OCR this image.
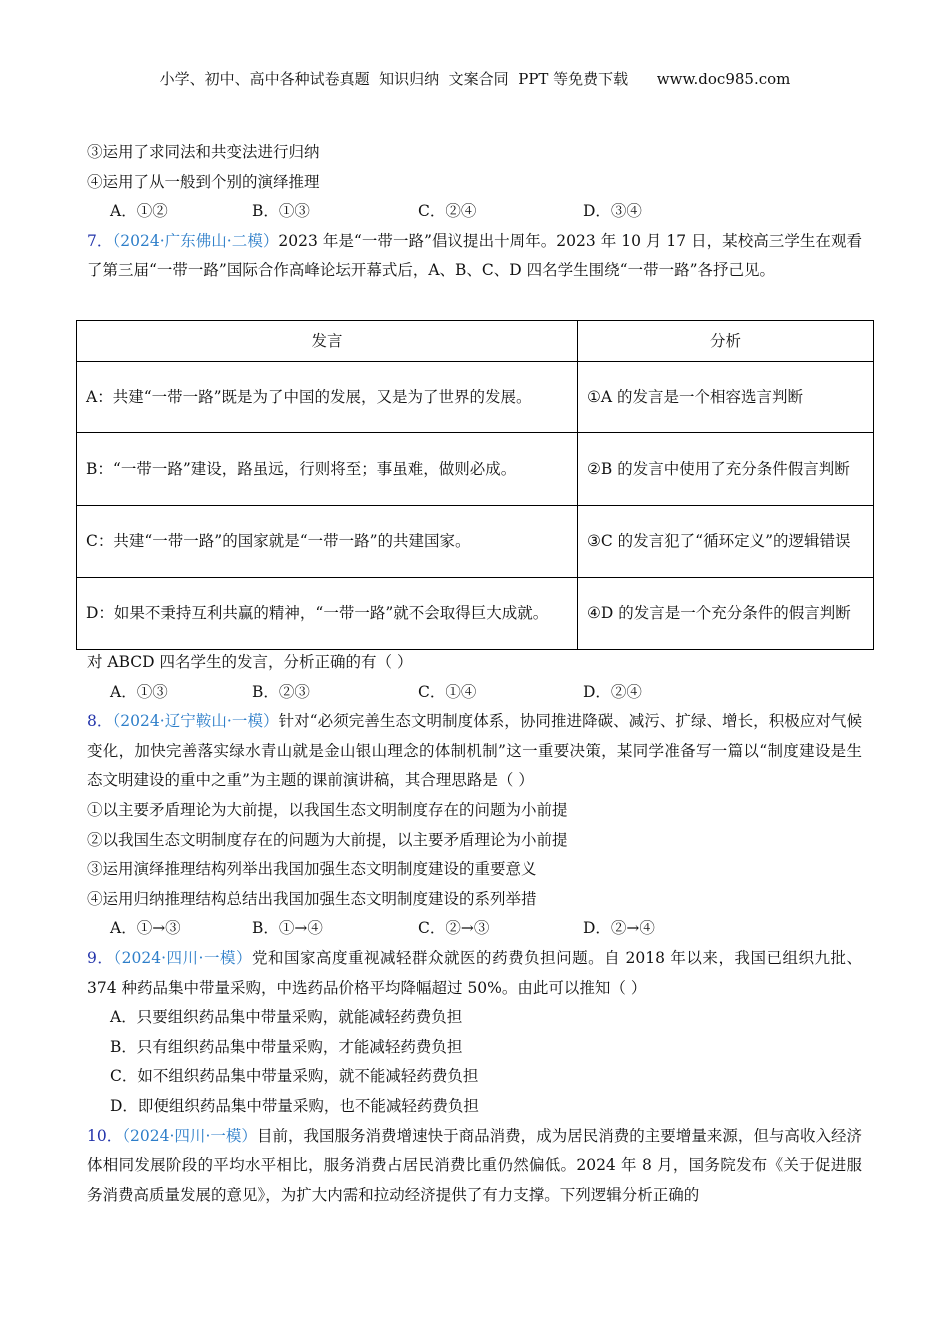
小学、初中、高中各种试卷真题  知识归纳  文案合同  PPT 等免费下载      www.doc985.com
③运用了求同法和共变法进行归纳
④运用了从一般到个别的演绎推理
A．①②	B．①③	C．②④	D．③④
7．（2024·广东佛山·二模）2023 年是“一带一路”倡议提出十周年。2023 年 10 月 17 日，某校高三学生在观看了第三届“一带一路”国际合作高峰论坛开幕式后，A、B、C、D 四名学生围绕“一带一路”各抒己见。
发言	分析
A：共建“一带一路”既是为了中国的发展，又是为了世界的发展。	①A 的发言是一个相容选言判断
B：“一带一路”建设，路虽远，行则将至；事虽难，做则必成。	②B 的发言中使用了充分条件假言判断
C：共建“一带一路”的国家就是“一带一路”的共建国家。	③C 的发言犯了“循环定义”的逻辑错误
D：如果不秉持互利共赢的精神，“一带一路”就不会取得巨大成就。	④D 的发言是一个充分条件的假言判断
对 ABCD 四名学生的发言，分析正确的有（ ）
A．①③	B．②③	C．①④	D．②④
8．（2024·辽宁鞍山·一模）针对“必须完善生态文明制度体系，协同推进降碳、减污、扩绿、增长，积极应对气候变化，加快完善落实绿水青山就是金山银山理念的体制机制”这一重要决策，某同学准备写一篇以“制度建设是生态文明建设的重中之重”为主题的课前演讲稿，其合理思路是（ ）
①以主要矛盾理论为大前提，以我国生态文明制度存在的问题为小前提
②以我国生态文明制度存在的问题为大前提，以主要矛盾理论为小前提
③运用演绎推理结构列举出我国加强生态文明制度建设的重要意义
④运用归纳推理结构总结出我国加强生态文明制度建设的系列举措
A．①→③	B．①→④	C．②→③	D．②→④
9．（2024·四川·一模）党和国家高度重视减轻群众就医的药费负担问题。自 2018 年以来，我国已组织九批、374 种药品集中带量采购，中选药品价格平均降幅超过 50%。由此可以推知（ ）
A．只要组织药品集中带量采购，就能减轻药费负担
B．只有组织药品集中带量采购，才能减轻药费负担
C．如不组织药品集中带量采购，就不能减轻药费负担
D．即便组织药品集中带量采购，也不能减轻药费负担
10．（2024·四川·一模）目前，我国服务消费增速快于商品消费，成为居民消费的主要增量来源，但与高收入经济体相同发展阶段的平均水平相比，服务消费占居民消费比重仍然偏低。2024 年 8 月，国务院发布《关于促进服务消费高质量发展的意见》，为扩大内需和拉动经济提供了有力支撑。下列逻辑分析正确的
